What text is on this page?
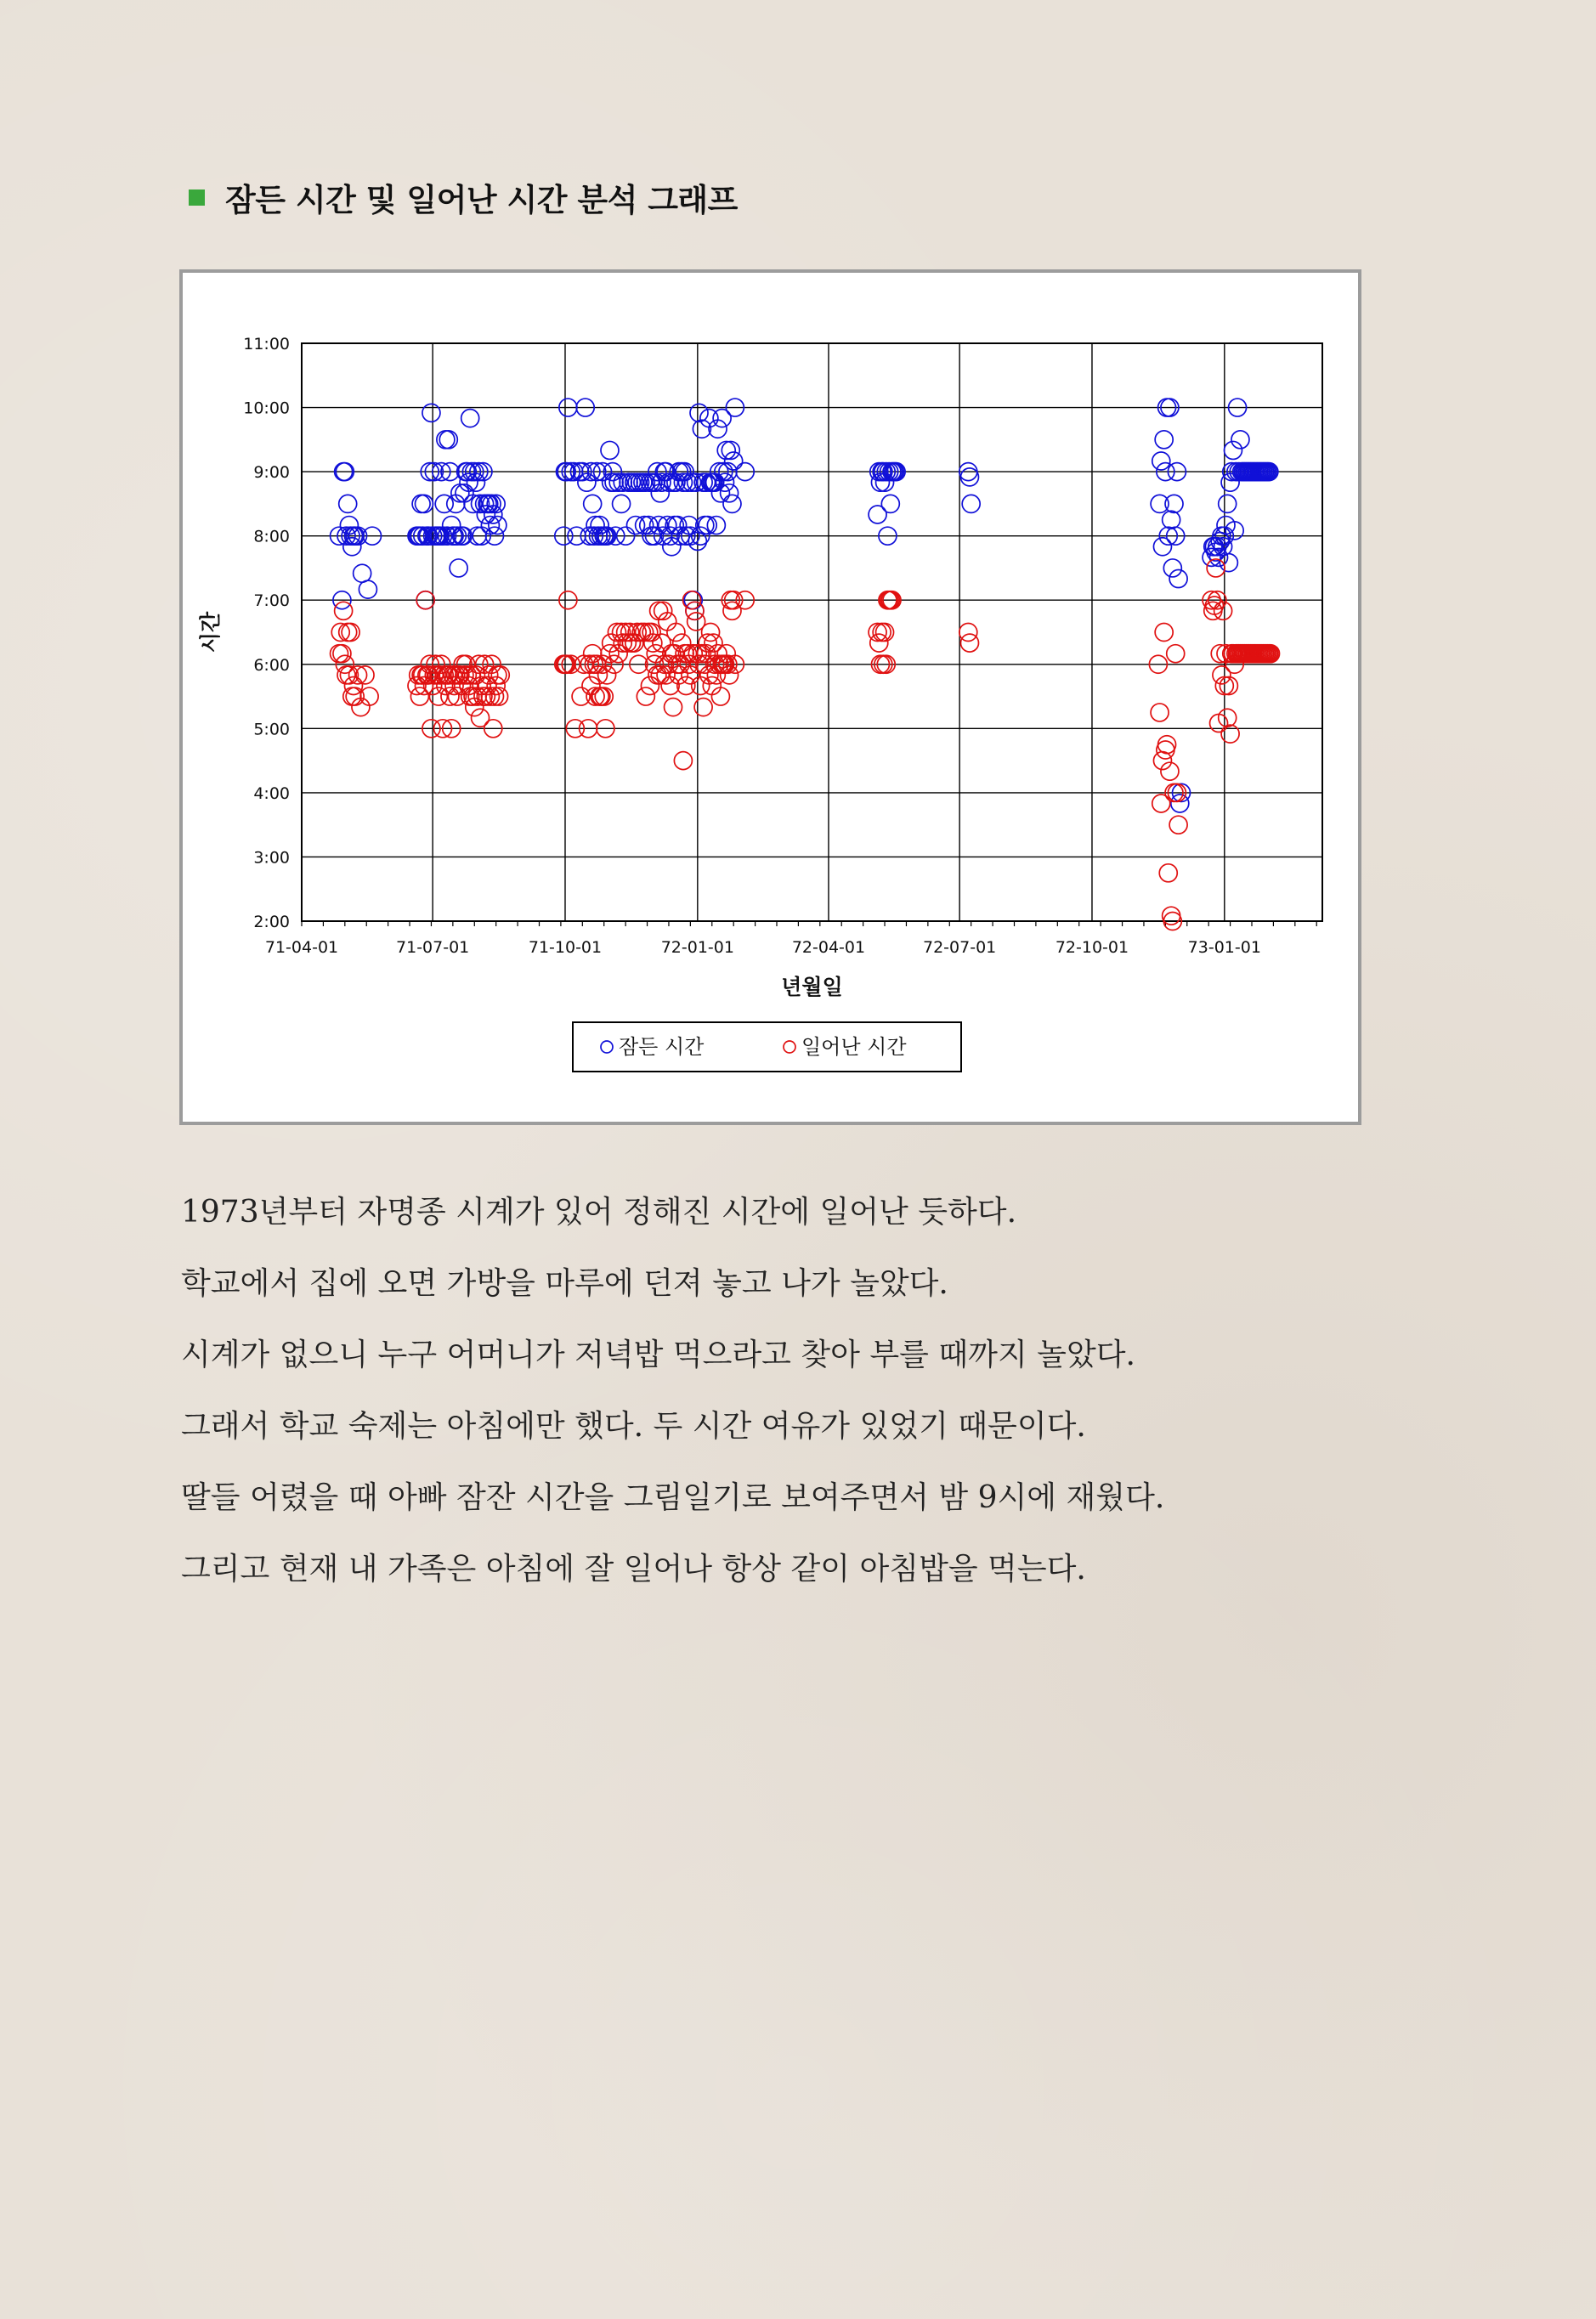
잠든 시간 및 일어난 시간 분석 그래프
2:00
3:00
4:00
5:00
6:00
7:00
8:00
9:00
10:00
11:00
71-04-01	71-07-01	71-10-01	72-01-01	72-04-01	72-07-01	72-10-01	73-01-01
년월일
시간
잠든 시간	일어난 시간

1973년부터 자명종 시계가 있어 정해진 시간에 일어난 듯하다.

학교에서 집에 오면 가방을 마루에 던져 놓고 나가 놀았다.

시계가 없으니 누구 어머니가 저녁밥 먹으라고 찾아 부를 때까지 놀았다.

그래서 학교 숙제는 아침에만 했다. 두 시간 여유가 있었기 때문이다.

딸들 어렸을 때 아빠 잠잔 시간을 그림일기로 보여주면서 밤 9시에 재웠다.

그리고 현재 내 가족은 아침에 잘 일어나 항상 같이 아침밥을 먹는다.
